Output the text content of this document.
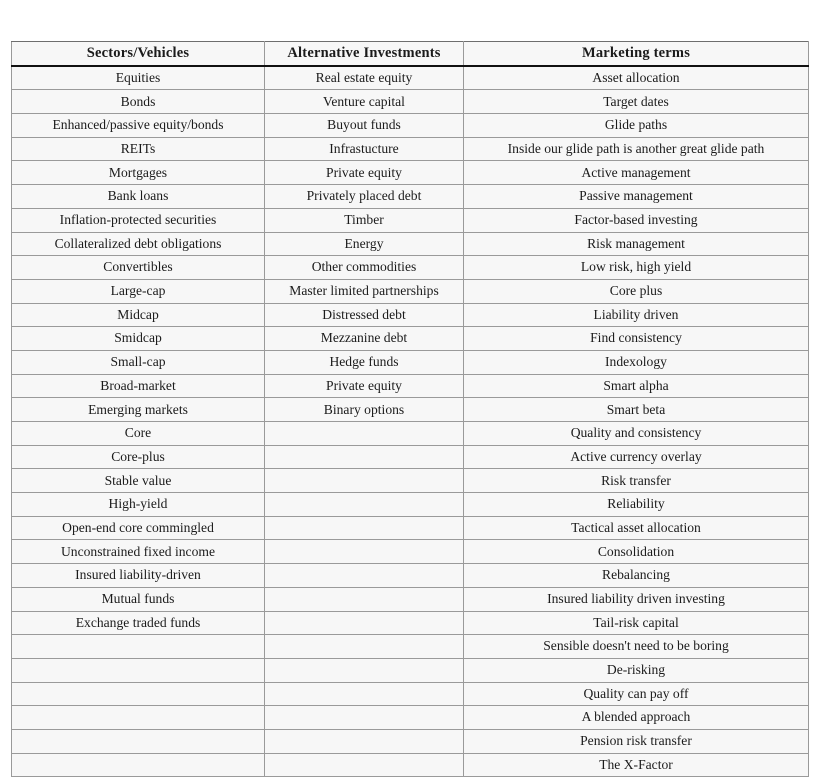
Sectors/Vehicles	Alternative Investments	Marketing terms
Equities	Real estate equity	Asset allocation
Bonds	Venture capital	Target dates
Enhanced/passive equity/bonds	Buyout funds	Glide paths
REITs	Infrastucture	Inside our glide path is another great glide path
Mortgages	Private equity	Active management
Bank loans	Privately placed debt	Passive management
Inflation-protected securities	Timber	Factor-based investing
Collateralized debt obligations	Energy	Risk management
Convertibles	Other commodities	Low risk, high yield
Large-cap	Master limited partnerships	Core plus
Midcap	Distressed debt	Liability driven
Smidcap	Mezzanine debt	Find consistency
Small-cap	Hedge funds	Indexology
Broad-market	Private equity	Smart alpha
Emerging markets	Binary options	Smart beta
Core		Quality and consistency
Core-plus		Active currency overlay
Stable value		Risk transfer
High-yield		Reliability
Open-end core commingled		Tactical asset allocation
Unconstrained fixed income		Consolidation
Insured liability-driven		Rebalancing
Mutual funds		Insured liability driven investing
Exchange traded funds		Tail-risk capital
		Sensible doesn't need to be boring
		De-risking
		Quality can pay off
		A blended approach
		Pension risk transfer
		The X-Factor
